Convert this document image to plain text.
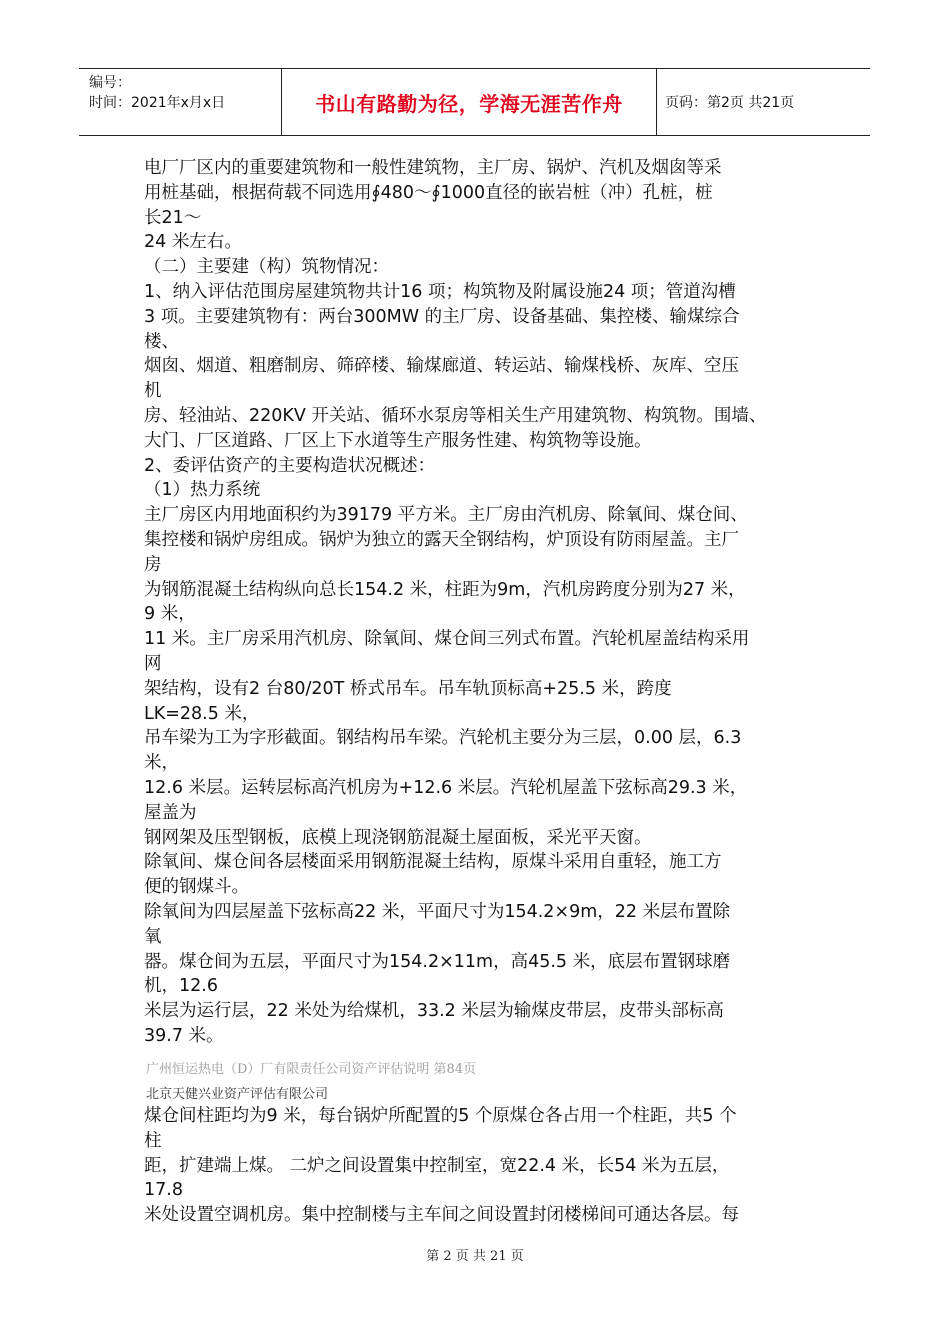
编号：
时间：2021年x月x日	书山有路勤为径，学海无涯苦作舟	页码：第2页 共21页

电厂厂区内的重要建筑物和一般性建筑物，主厂房、锅炉、汽机及烟囱等采

用桩基础，根据荷载不同选用∮480～∮1000直径的嵌岩桩（冲）孔桩，桩

长21～

24 米左右。

（二）主要建（构）筑物情况：

1、纳入评估范围房屋建筑物共计16 项；构筑物及附属设施24 项；管道沟槽

3 项。主要建筑物有：两台300MW 的主厂房、设备基础、集控楼、输煤综合

楼、

烟囱、烟道、粗磨制房、筛碎楼、输煤廊道、转运站、输煤栈桥、灰库、空压

机

房、轻油站、220KV 开关站、循环水泵房等相关生产用建筑物、构筑物。围墙、

大门、厂区道路、厂区上下水道等生产服务性建、构筑物等设施。

2、委评估资产的主要构造状况概述：

（1）热力系统

主厂房区内用地面积约为39179 平方米。主厂房由汽机房、除氧间、煤仓间、

集控楼和锅炉房组成。锅炉为独立的露天全钢结构，炉顶设有防雨屋盖。主厂

房

为钢筋混凝土结构纵向总长154.2 米，柱距为9m，汽机房跨度分别为27 米，

9 米，

11 米。主厂房采用汽机房、除氧间、煤仓间三列式布置。汽轮机屋盖结构采用

网

架结构，设有2 台80/20T 桥式吊车。吊车轨顶标高+25.5 米，跨度

LK=28.5 米，

吊车梁为工为字形截面。钢结构吊车梁。汽轮机主要分为三层，0.00 层，6.3

米，

12.6 米层。运转层标高汽机房为+12.6 米层。汽轮机屋盖下弦标高29.3 米，

屋盖为

钢网架及压型钢板，底模上现浇钢筋混凝土屋面板，采光平天窗。

除氧间、煤仓间各层楼面采用钢筋混凝土结构，原煤斗采用自重轻，施工方

便的钢煤斗。

除氧间为四层屋盖下弦标高22 米，平面尺寸为154.2×9m，22 米层布置除

氧

器。煤仓间为五层，平面尺寸为154.2×11m，高45.5 米，底层布置钢球磨

机，12.6

米层为运行层，22 米处为给煤机，33.2 米层为输煤皮带层，皮带头部标高

39.7 米。

广州恒运热电（D）厂有限责任公司资产评估说明 第84页
北京天健兴业资产评估有限公司

煤仓间柱距均为9 米，每台锅炉所配置的5 个原煤仓各占用一个柱距，共5 个

柱

距，扩建端上煤。 二炉之间设置集中控制室，宽22.4 米，长54 米为五层，

17.8

米处设置空调机房。集中控制楼与主车间之间设置封闭楼梯间可通达各层。每

第 2 页 共 21 页
